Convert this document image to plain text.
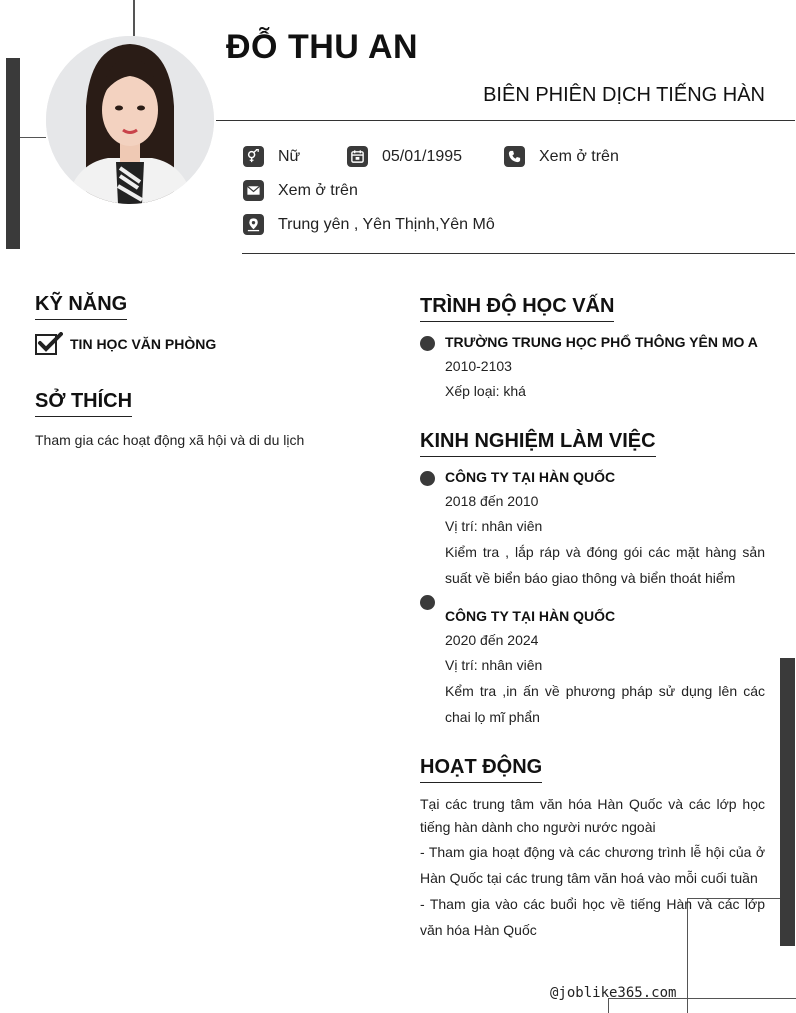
ĐỖ THU AN
BIÊN PHIÊN DỊCH TIẾNG HÀN
Nữ	05/01/1995	Xem ở trên
Xem ở trên
Trung yên , Yên Thịnh,Yên Mô
KỸ NĂNG
TIN HỌC VĂN PHÒNG
SỞ THÍCH
Tham gia các hoạt động xã hội và di du lịch
TRÌNH ĐỘ HỌC VẤN
TRƯỜNG TRUNG HỌC PHỔ THÔNG YÊN MO A
2010-2103
Xếp loại: khá
KINH NGHIỆM LÀM VIỆC
CÔNG TY TẠI HÀN QUỐC
2018 đến 2010
Vị trí: nhân viên
Kiểm tra , lắp ráp và đóng gói các mặt hàng sản suất về biển báo giao thông và biển thoát hiểm
CÔNG TY TẠI HÀN QUỐC
2020 đến 2024
Vị trí: nhân viên
Kểm tra ,in ấn về phương pháp sử dụng lên các chai lọ mĩ phẩn
HOẠT ĐỘNG
Tại các trung tâm văn hóa Hàn Quốc và các lớp học tiếng hàn dành cho người nước ngoài
- Tham gia hoạt động và các chương trình lễ hội của ở Hàn Quốc tại các trung tâm văn hoá vào mỗi cuối tuần
- Tham gia vào các buổi học về tiếng Hàn và các lớp văn hóa Hàn Quốc
@joblike365.com
